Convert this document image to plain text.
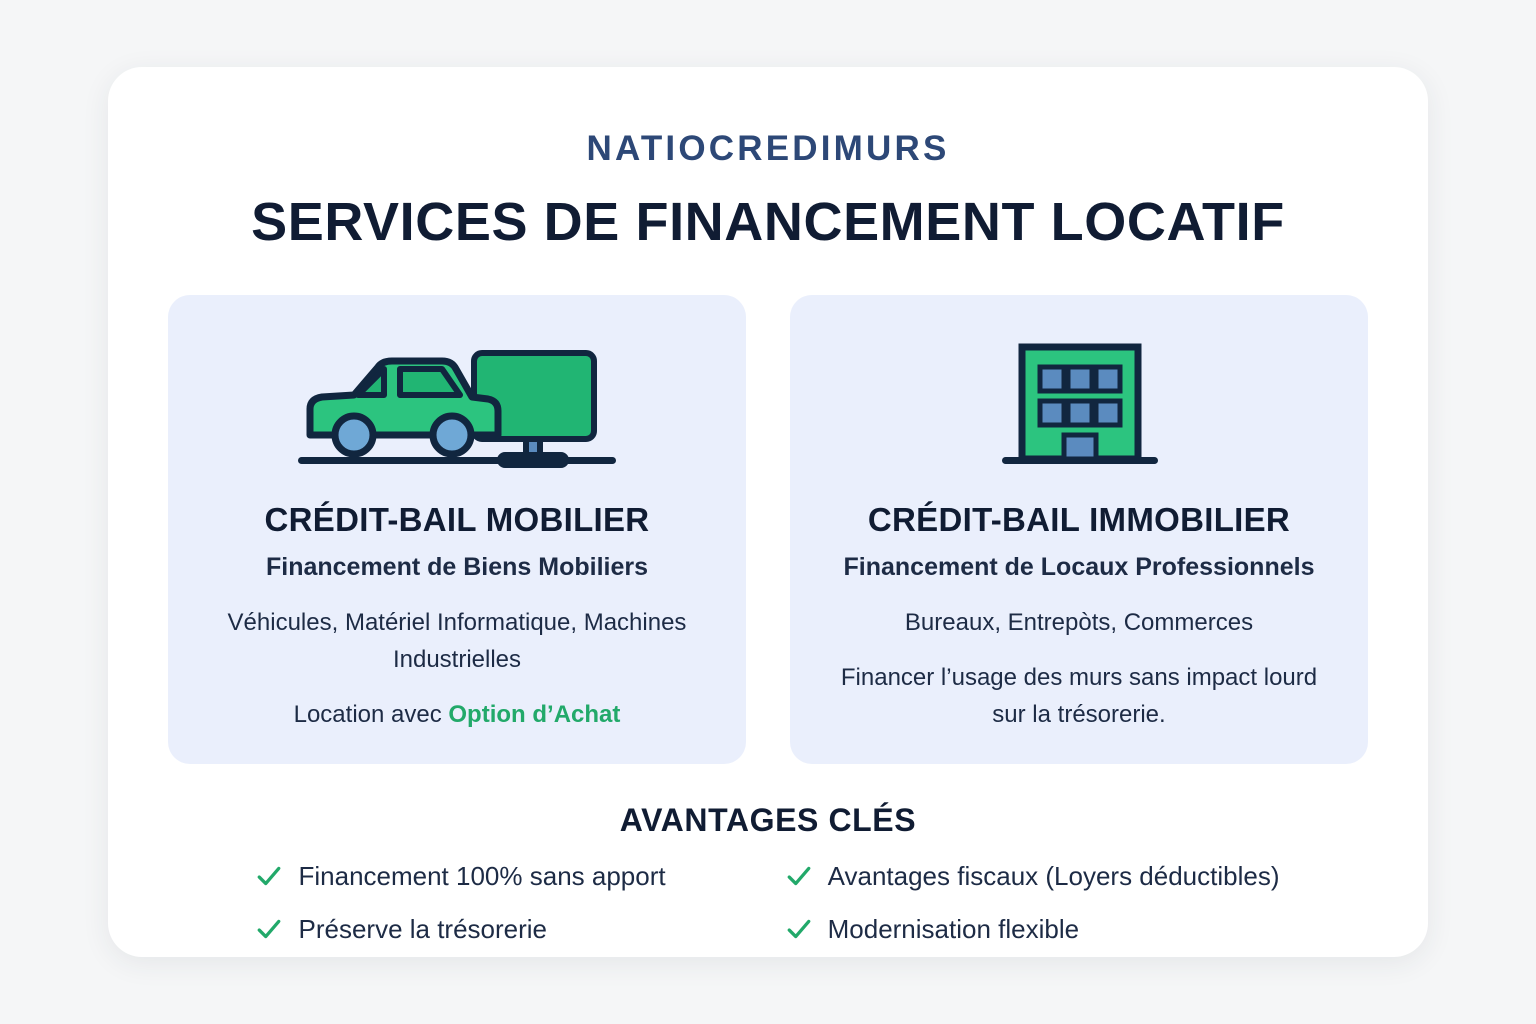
NATIOCREDIMURS
SERVICES DE FINANCEMENT LOCATIF
CRÉDIT-BAIL MOBILIER
Financement de Biens Mobiliers
Véhicules, Matériel Informatique, Machines Industrielles
Location avec Option d’Achat
CRÉDIT-BAIL IMMOBILIER
Financement de Locaux Professionnels
Bureaux, Entrepòts, Commerces
Financer l’usage des murs sans impact lourd sur la trésorerie.
AVANTAGES CLÉS
Financement 100% sans apport
Préserve la trésorerie
Avantages fiscaux (Loyers déductibles)
Modernisation flexible
